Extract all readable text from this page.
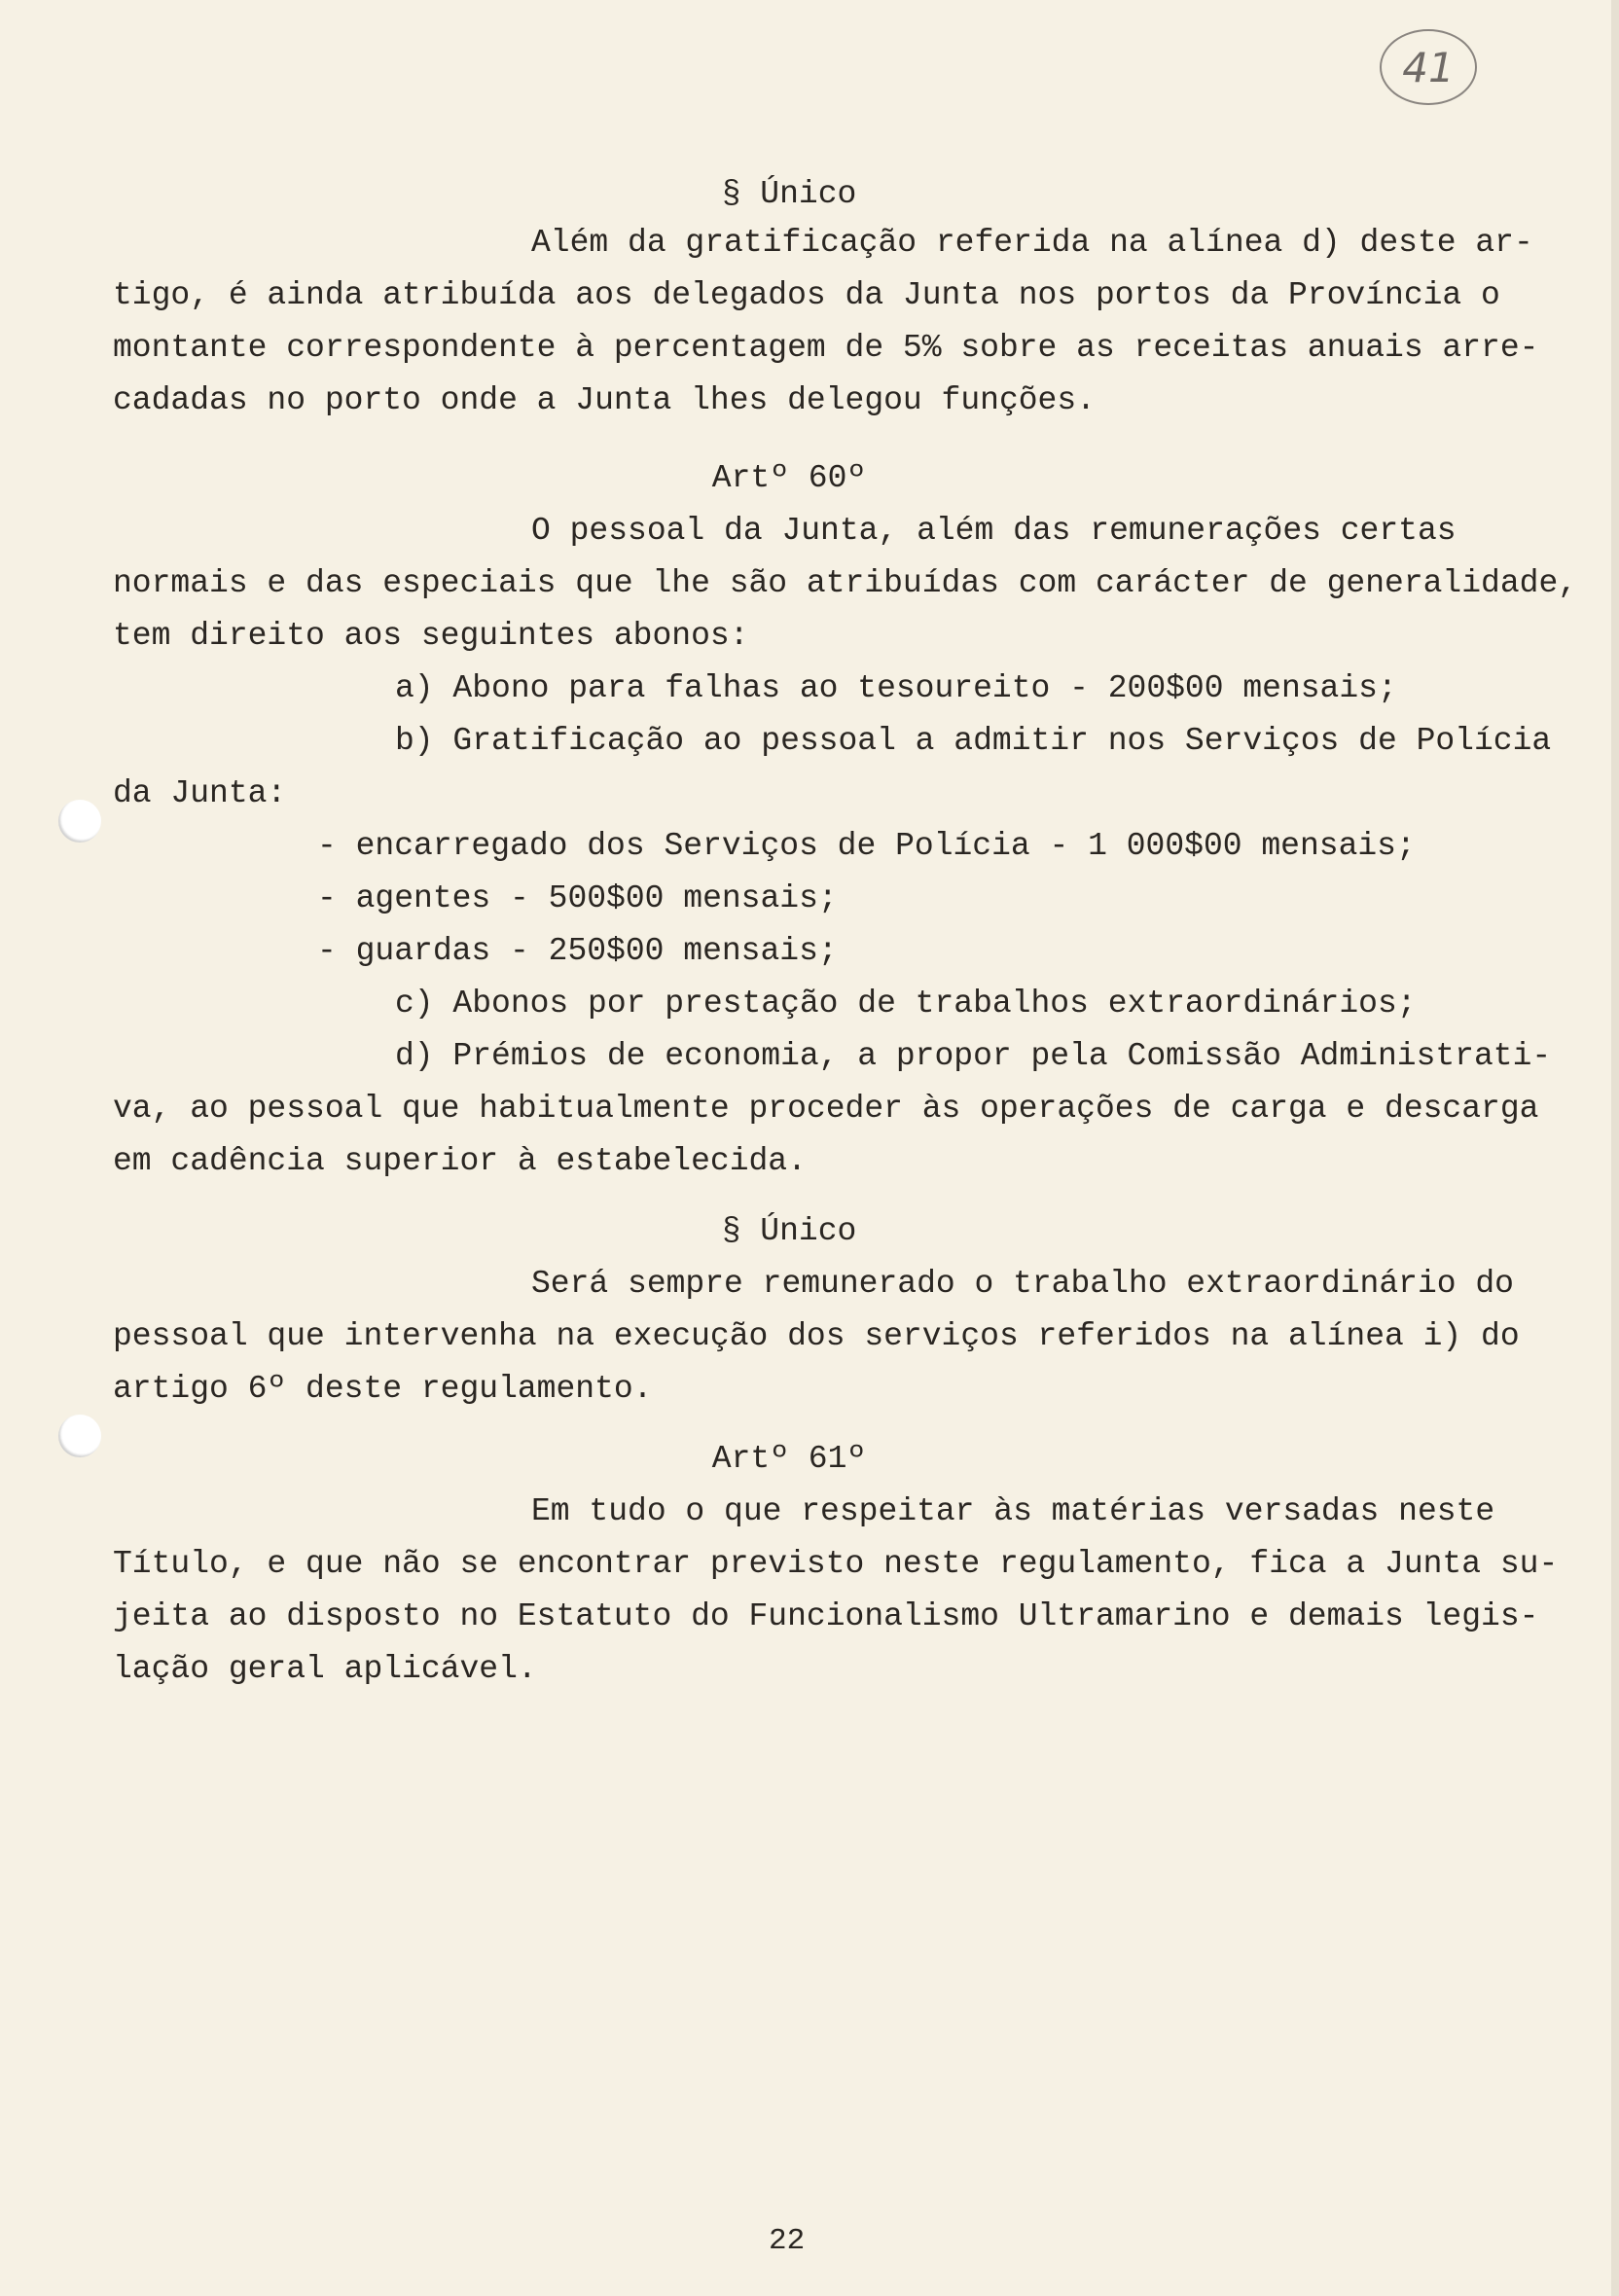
41
§ Único
Além da gratificação referida na alínea d) deste ar-
tigo, é ainda atribuída aos delegados da Junta nos portos da Província o
montante correspondente à percentagem de 5% sobre as receitas anuais arre-
cadadas no porto onde a Junta lhes delegou funções.
Artº 60º
O pessoal da Junta, além das remunerações certas
normais e das especiais que lhe são atribuídas com carácter de generalidade,
tem direito aos seguintes abonos:
a) Abono para falhas ao tesoureito - 200$00 mensais;
b) Gratificação ao pessoal a admitir nos Serviços de Polícia
da Junta:
- encarregado dos Serviços de Polícia - 1 000$00 mensais;
- agentes - 500$00 mensais;
- guardas - 250$00 mensais;
c) Abonos por prestação de trabalhos extraordinários;
d) Prémios de economia, a propor pela Comissão Administrati-
va, ao pessoal que habitualmente proceder às operações de carga e descarga
em cadência superior à estabelecida.
§ Único
Será sempre remunerado o trabalho extraordinário do
pessoal que intervenha na execução dos serviços referidos na alínea i) do
artigo 6º deste regulamento.
Artº 61º
Em tudo o que respeitar às matérias versadas neste
Título, e que não se encontrar previsto neste regulamento, fica a Junta su-
jeita ao disposto no Estatuto do Funcionalismo Ultramarino e demais legis-
lação geral aplicável.
22
